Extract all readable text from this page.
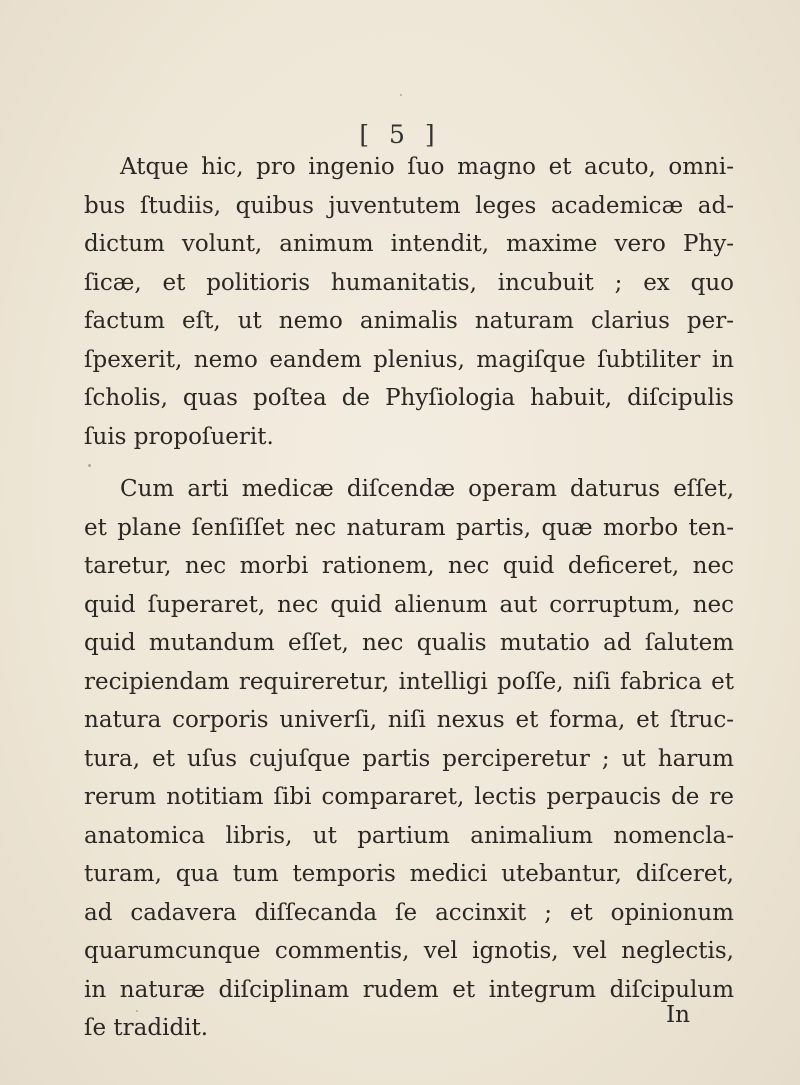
[ 5 ]
Atque hic, pro ingenio ſuo magno et acuto, omni-
bus ſtudiis, quibus juventutem leges academicæ ad-
dictum volunt, animum intendit, maxime vero Phy-
ſicæ, et politioris humanitatis, incubuit ; ex quo
factum eſt, ut nemo animalis naturam clarius per-
ſpexerit, nemo eandem plenius, magiſque ſubtiliter in
ſcholis, quas poſtea de Phyſiologia habuit, diſcipulis
ſuis propoſuerit.
Cum arti medicæ diſcendæ operam daturus eſſet,
et plane ſenſiſſet nec naturam partis, quæ morbo ten-
taretur, nec morbi rationem, nec quid deficeret, nec
quid ſuperaret, nec quid alienum aut corruptum, nec
quid mutandum eſſet, nec qualis mutatio ad ſalutem
recipiendam requireretur, intelligi poſſe, niſi fabrica et
natura corporis univerſi, niſi nexus et forma, et ſtruc-
tura, et uſus cujuſque partis perciperetur ; ut harum
rerum notitiam ſibi compararet, lectis perpaucis de re
anatomica libris, ut partium animalium nomencla-
turam, qua tum temporis medici utebantur, diſceret,
ad cadavera diſſecanda ſe accinxit ; et opinionum
quarumcunque commentis, vel ignotis, vel neglectis,
in naturæ diſciplinam rudem et integrum diſcipulum
ſe tradidit.	In
